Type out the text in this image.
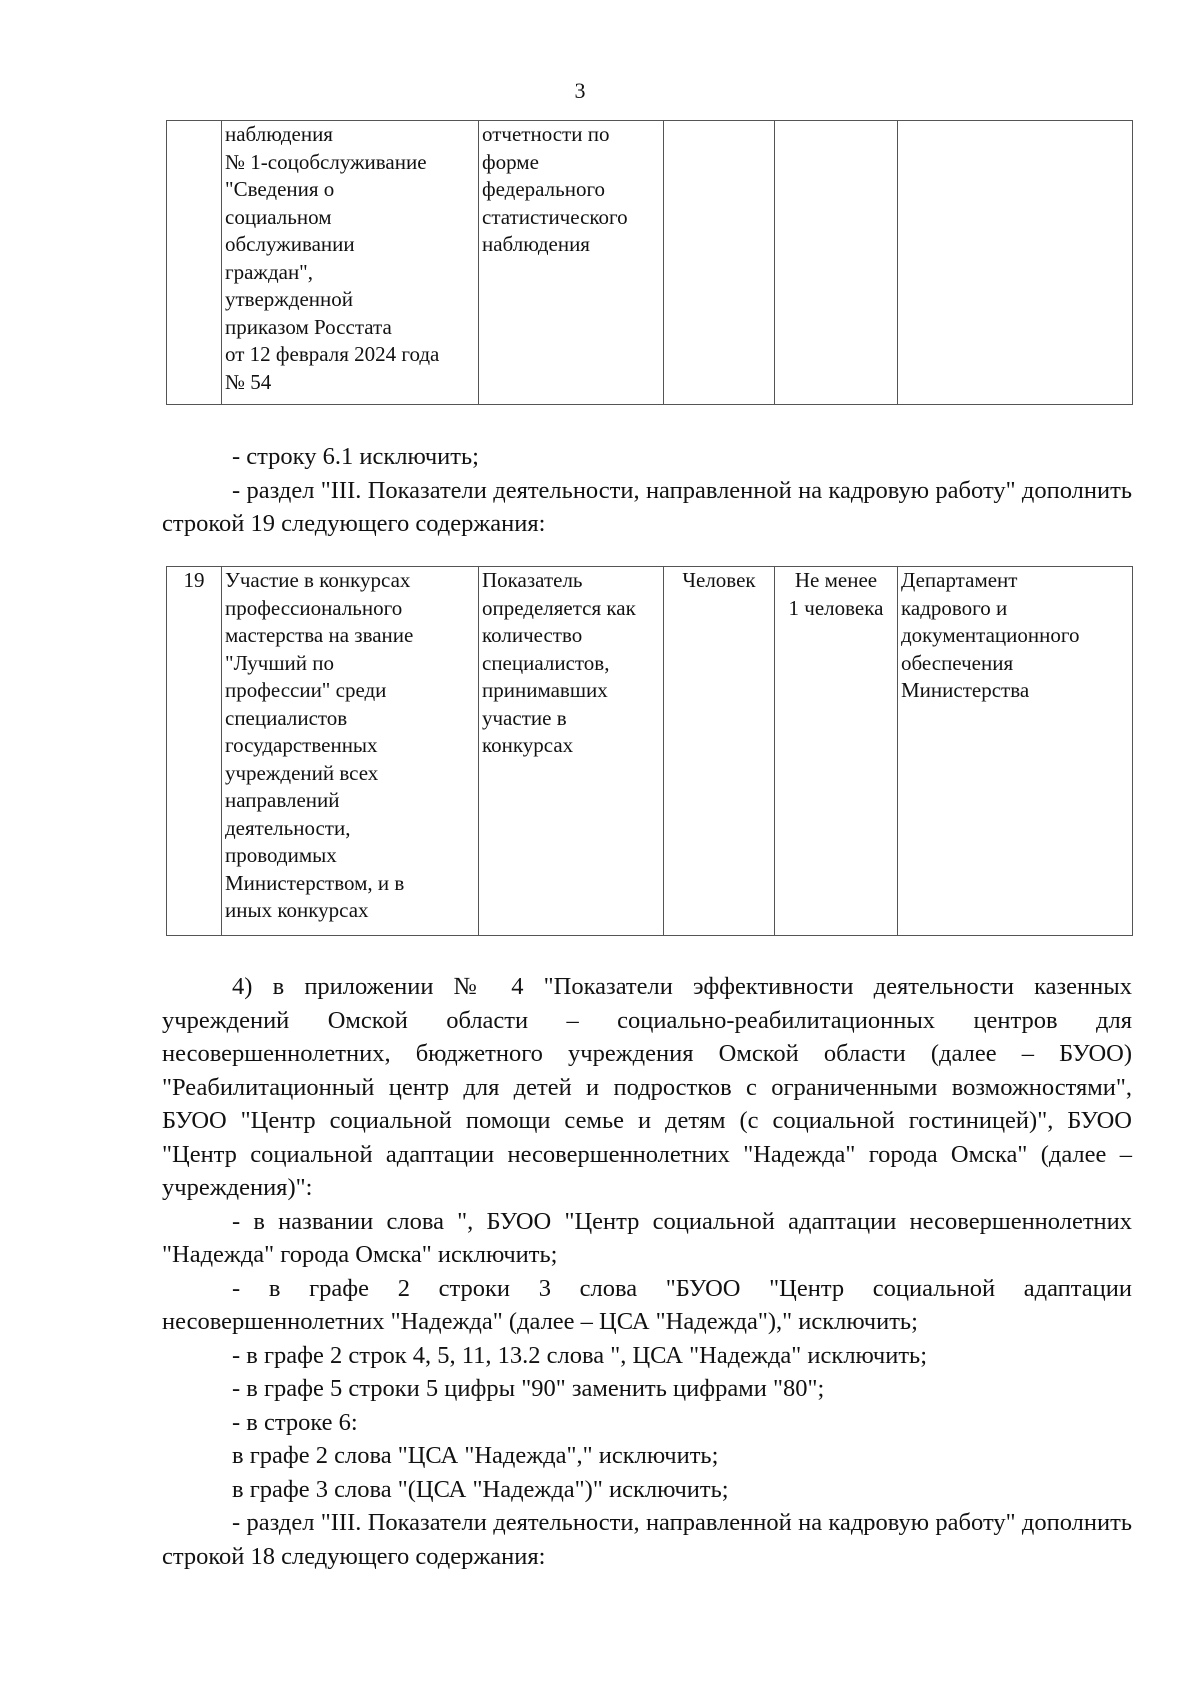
3
	наблюдения
№ 1-соцобслуживание
"Сведения о
социальном
обслуживании
граждан",
утвержденной
приказом Росстата
от 12 февраля 2024 года
№ 54	отчетности по
форме
федерального
статистического
наблюдения			

- строку 6.1 исключить;

- раздел "III. Показатели деятельности, направленной на кадровую работу" дополнить строкой 19 следующего содержания:

19	Участие в конкурсах
профессионального
мастерства на звание
"Лучший по
профессии" среди
специалистов
государственных
учреждений всех
направлений
деятельности,
проводимых
Министерством, и в
иных конкурсах	Показатель
определяется как
количество
специалистов,
принимавших
участие в
конкурсах	Человек	Не менее
1 человека	Департамент
кадрового и
документационного
обеспечения
Министерства

4) в приложении № 4 "Показатели эффективности деятельности казенных учреждений Омской области – социально-реабилитационных центров для несовершеннолетних, бюджетного учреждения Омской области (далее – БУОО) "Реабилитационный центр для детей и подростков с ограниченными возможностями", БУОО "Центр социальной помощи семье и детям (с социальной гостиницей)", БУОО "Центр социальной адаптации несовершеннолетних "Надежда" города Омска" (далее – учреждения)":

- в названии слова ", БУОО "Центр социальной адаптации несовершеннолетних "Надежда" города Омска" исключить;

- в графе 2 строки 3 слова "БУОО "Центр социальной адаптации несовершеннолетних "Надежда" (далее – ЦСА "Надежда")," исключить;

- в графе 2 строк 4, 5, 11, 13.2 слова ", ЦСА "Надежда" исключить;

- в графе 5 строки 5 цифры "90" заменить цифрами "80";

- в строке 6:

в графе 2 слова "ЦСА "Надежда"," исключить;

в графе 3 слова "(ЦСА "Надежда")" исключить;

- раздел "III. Показатели деятельности, направленной на кадровую работу" дополнить строкой 18 следующего содержания:
